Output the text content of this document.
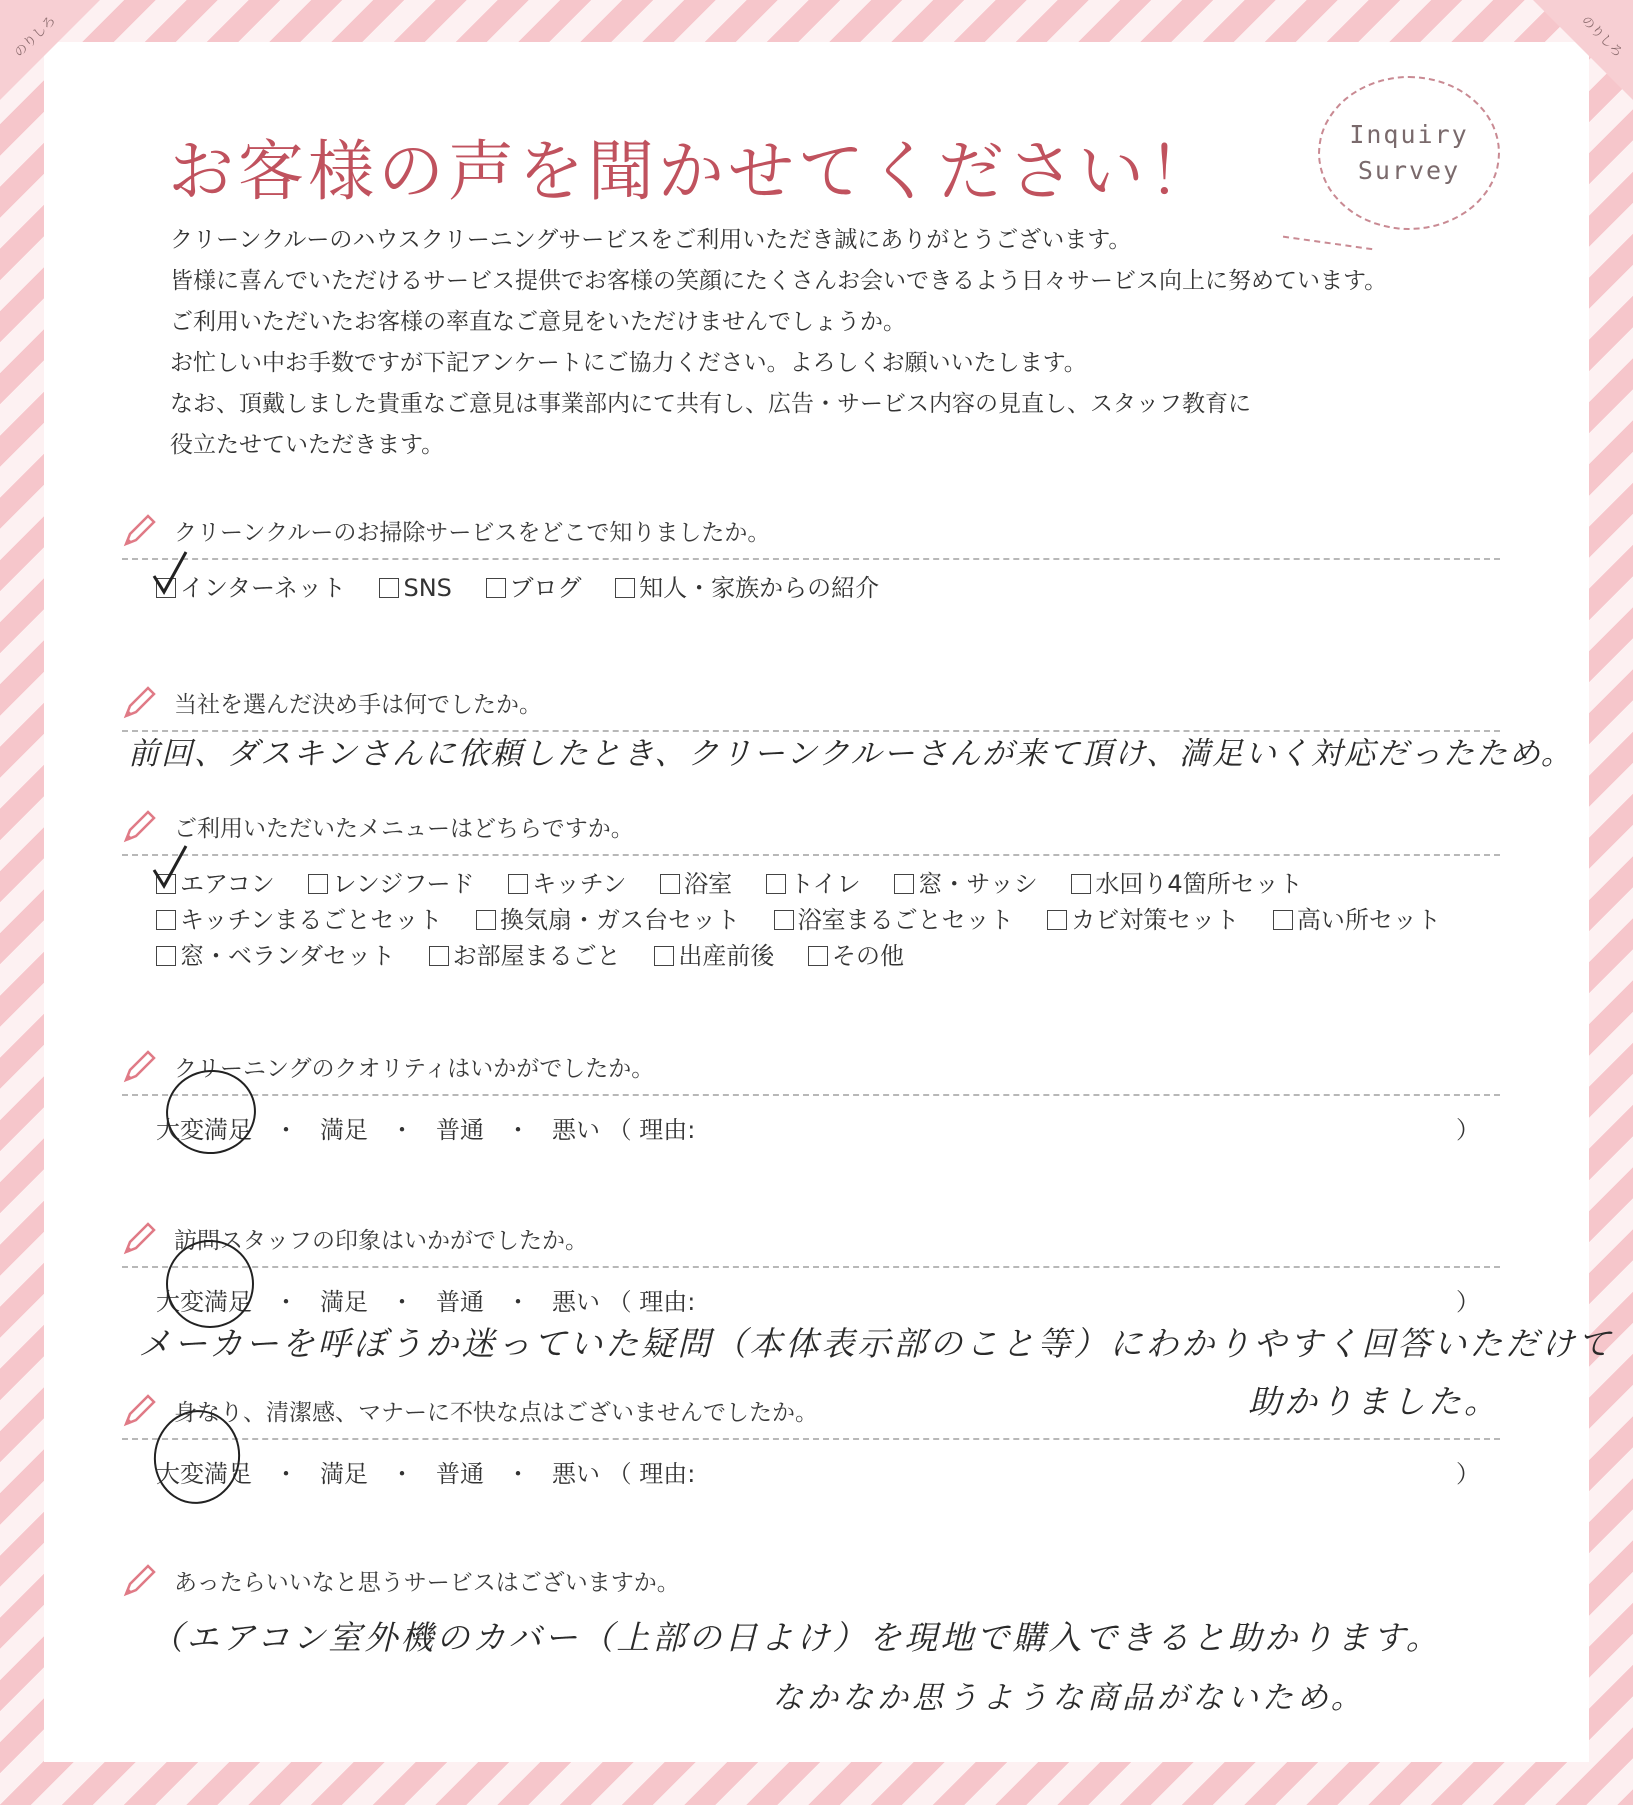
のりしろ	のりしろ
お客様の声を聞かせてください！	Inquiry
Survey
クリーンクルーのハウスクリーニングサービスをご利用いただき誠にありがとうございます。
皆様に喜んでいただけるサービス提供でお客様の笑顔にたくさんお会いできるよう日々サービス向上に努めています。
ご利用いただいたお客様の率直なご意見をいただけませんでしょうか。
お忙しい中お手数ですが下記アンケートにご協力ください。よろしくお願いいたします。
なお、頂戴しました貴重なご意見は事業部内にて共有し、広告・サービス内容の見直し、スタッフ教育に
役立たせていただきます。
クリーンクルーのお掃除サービスをどこで知りましたか。
インターネット SNS ブログ 知人・家族からの紹介
当社を選んだ決め手は何でしたか。
前回、ダスキンさんに依頼したとき、クリーンクルーさんが来て頂け、満足いく対応だったため。
ご利用いただいたメニューはどちらですか。
エアコン レンジフード キッチン 浴室 トイレ 窓・サッシ 水回り4箇所セット
キッチンまるごとセット 換気扇・ガス台セット 浴室まるごとセット カビ対策セット 高い所セット
窓・ベランダセット お部屋まるごと 出産前後 その他
クリーニングのクオリティはいかがでしたか。
大変満足 ・ 満足 ・ 普通 ・ 悪い （ 理由:	）
訪問スタッフの印象はいかがでしたか。
大変満足 ・ 満足 ・ 普通 ・ 悪い （ 理由:	）
メーカーを呼ぼうか迷っていた疑問（本体表示部のこと等）にわかりやすく回答いただけて
助かりました。
身なり、清潔感、マナーに不快な点はございませんでしたか。
大変満足 ・ 満足 ・ 普通 ・ 悪い （ 理由:	）
あったらいいなと思うサービスはございますか。
（エアコン室外機のカバー（上部の日よけ）を現地で購入できると助かります。
なかなか思うような商品がないため。
